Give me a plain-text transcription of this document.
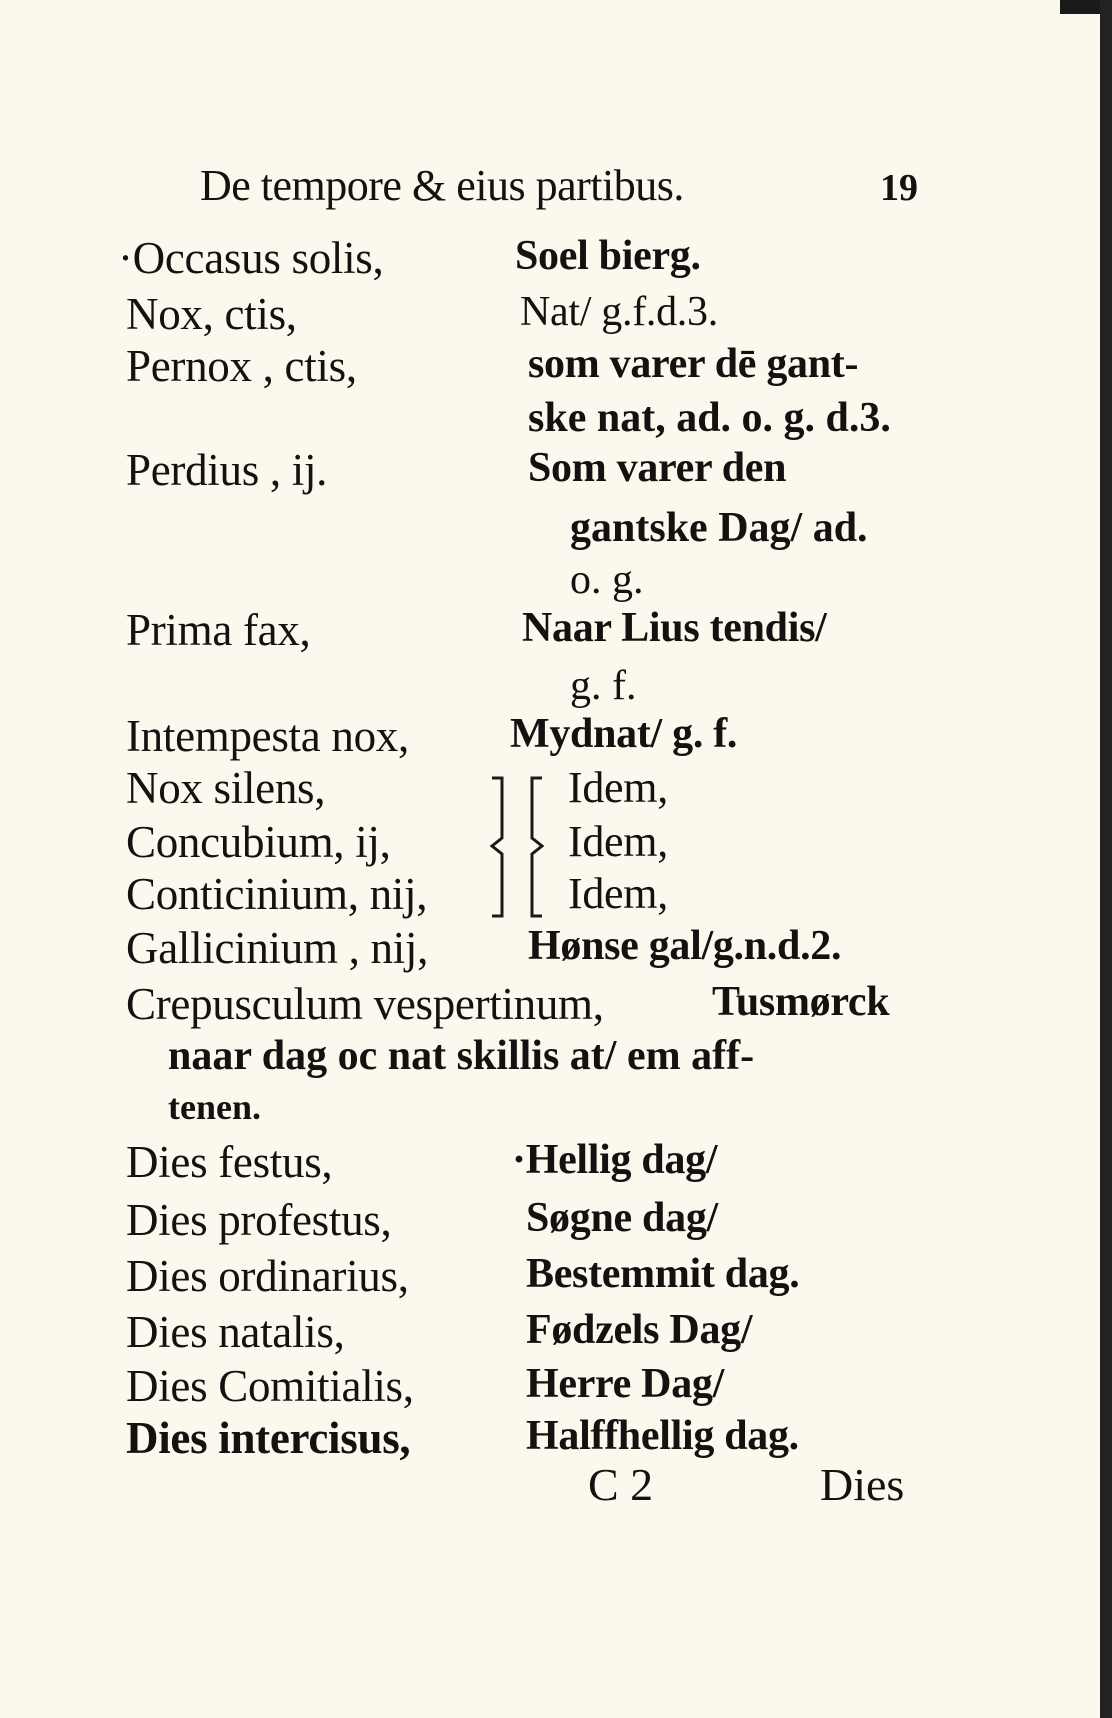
De tempore & eius partibus.	19
·Occasus solis,	Soel bierg.
Nox, ctis,	Nat/ g.f.d.3.
Pernox , ctis,	som varer dē gant-
ske nat, ad. o. g. d.3.
Perdius , ij.	Som varer den
gantske Dag/ ad.
o. g.
Prima fax,	Naar Lius tendis/
g. f.
Intempesta nox, Mydnat/ g. f.
Nox silens,	Idem,
Concubium, ij,	Idem,
Conticinium, nij,	Idem,
Gallicinium , nij, Hønse gal/g.n.d.2.
Crepusculum vespertinum,	Tusmørck
naar dag oc nat skillis at/ em aff-
tenen.
Dies festus,	·Hellig dag/
Dies profestus,	Søgne dag/
Dies ordinarius,	Bestemmit dag.
Dies natalis,	Fødzels Dag/
Dies Comitialis,	Herre Dag/
Dies intercisus,	Halffhellig dag.
C 2	Dies
